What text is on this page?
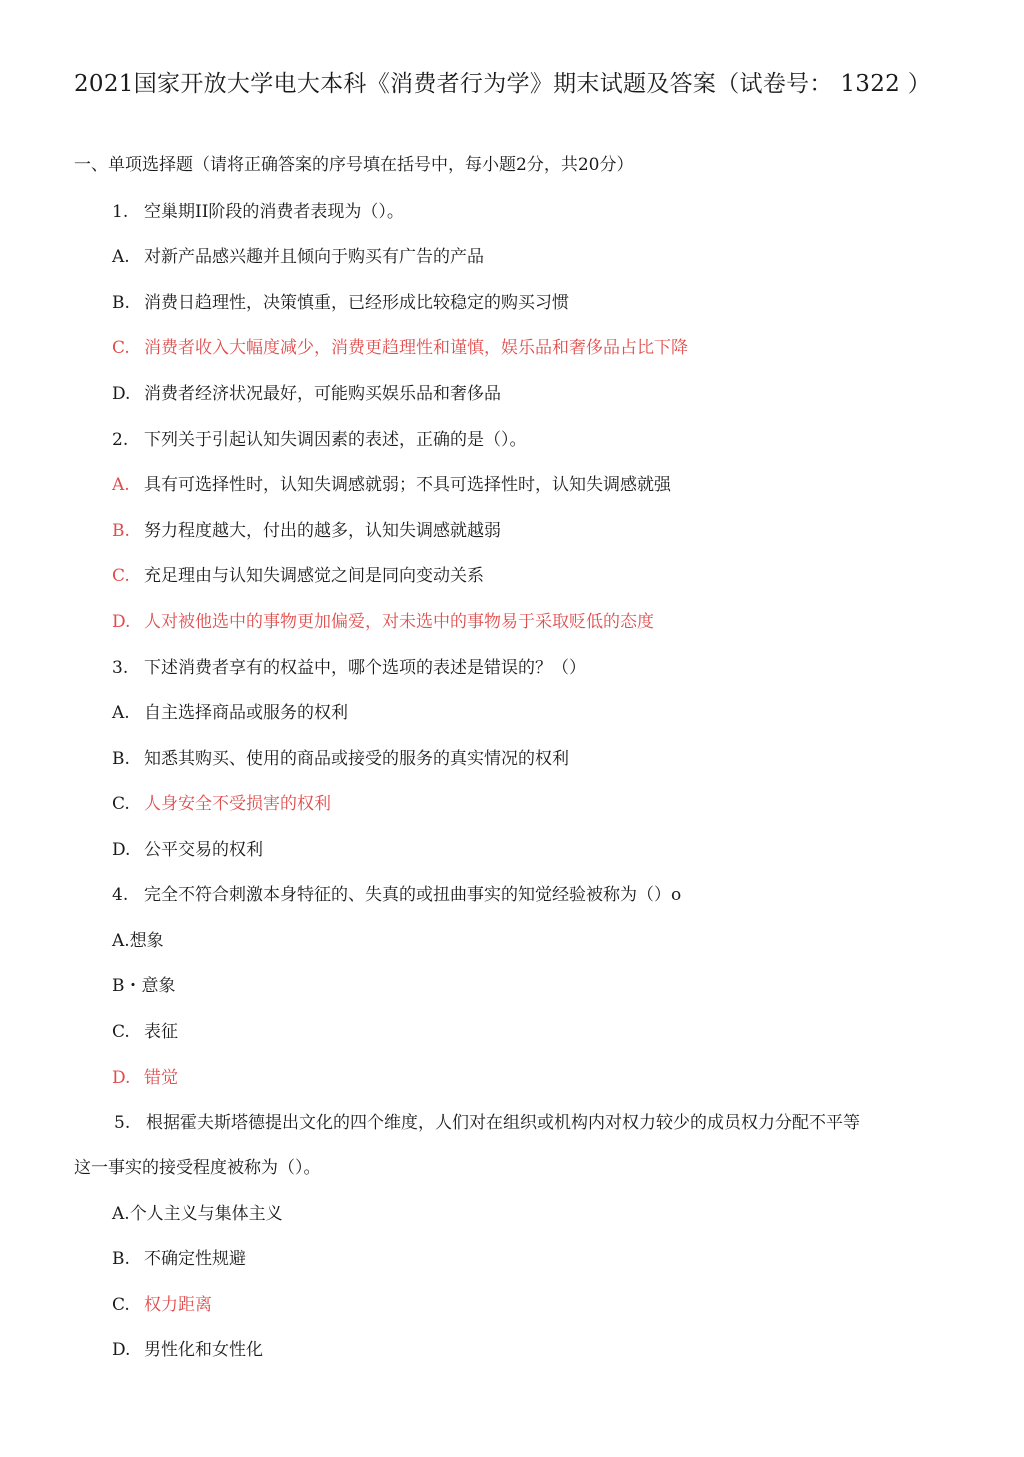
2021国家开放大学电大本科《消费者行为学》期末试题及答案（试卷号： 1322 ）
一、单项选择题（请将正确答案的序号填在括号中，每小题2分，共20分）
1. 空巢期II阶段的消费者表现为（）。
A. 对新产品感兴趣并且倾向于购买有广告的产品
B. 消费日趋理性，决策慎重，已经形成比较稳定的购买习惯
C. 消费者收入大幅度减少，消费更趋理性和谨慎，娱乐品和奢侈品占比下降
D. 消费者经济状况最好，可能购买娱乐品和奢侈品
2. 下列关于引起认知失调因素的表述，正确的是（）。
A. 具有可选择性时，认知失调感就弱；不具可选择性时，认知失调感就强
B. 努力程度越大，付出的越多，认知失调感就越弱
C. 充足理由与认知失调感觉之间是同向变动关系
D. 人对被他选中的事物更加偏爱，对未选中的事物易于采取贬低的态度
3. 下述消费者享有的权益中，哪个选项的表述是错误的？（）
A. 自主选择商品或服务的权利
B. 知悉其购买、使用的商品或接受的服务的真实情况的权利
C. 人身安全不受损害的权利
D. 公平交易的权利
4. 完全不符合刺激本身特征的、失真的或扭曲事实的知觉经验被称为（）o
A.想象
B・意象
C. 表征
D. 错觉
5. 根据霍夫斯塔德提出文化的四个维度，人们对在组织或机构内对权力较少的成员权力分配不平等
这一事实的接受程度被称为（）。
A.个人主义与集体主义
B. 不确定性规避
C. 权力距离
D. 男性化和女性化
